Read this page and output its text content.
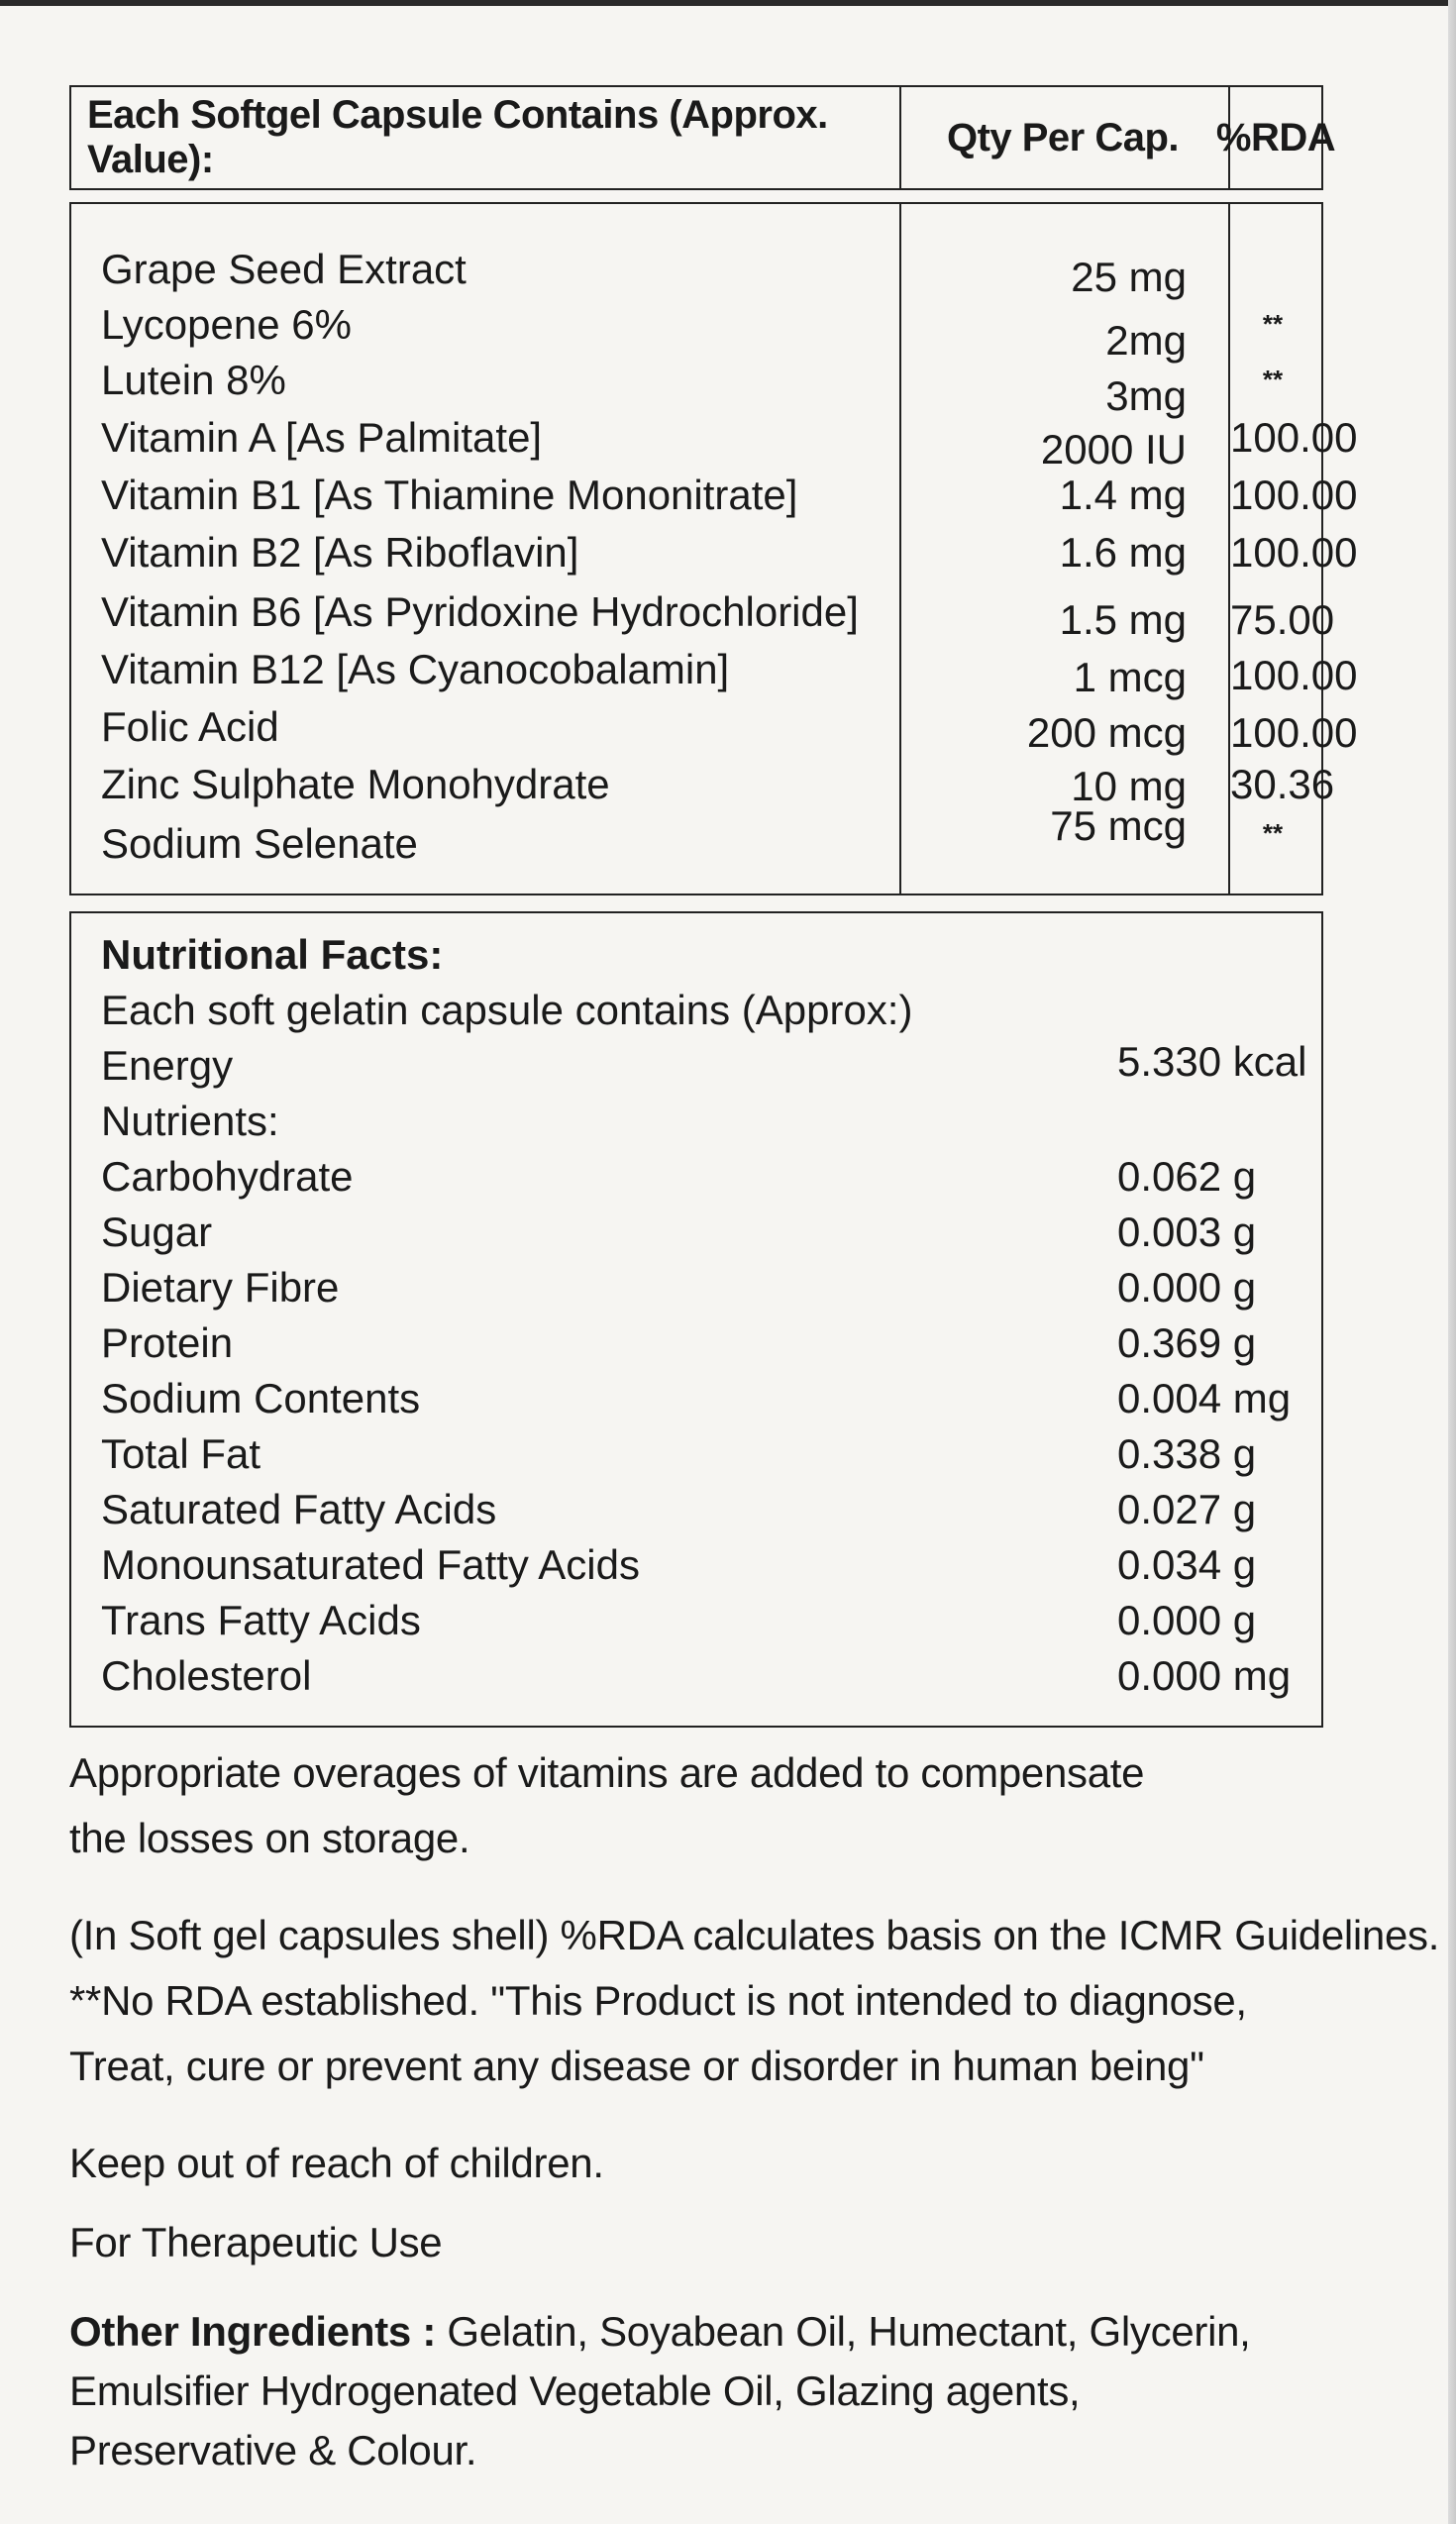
Each Softgel Capsule Contains (Approx. Value):
Qty Per Cap. %RDA
Grape Seed Extract	25 mg
Lycopene 6%	2mg	**
Lutein 8%	3mg	**
Vitamin A [As Palmitate]	2000 IU 100.00
Vitamin B1 [As Thiamine Mononitrate]	1.4 mg 100.00
Vitamin B2 [As Riboflavin]	1.6 mg 100.00
Vitamin B6 [As Pyridoxine Hydrochloride]	1.5 mg 75.00
Vitamin B12 [As Cyanocobalamin]	1 mcg 100.00
Folic Acid	200 mcg 100.00
Zinc Sulphate Monohydrate	10 mg 30.36
Sodium Selenate	75 mcg	**
Nutritional Facts:
Each soft gelatin capsule contains (Approx:)
Energy	5.330 kcal
Nutrients:
Carbohydrate	0.062 g
Sugar	0.003 g
Dietary Fibre	0.000 g
Protein	0.369 g
Sodium Contents	0.004 mg
Total Fat	0.338 g
Saturated Fatty Acids	0.027 g
Monounsaturated Fatty Acids	0.034 g
Trans Fatty Acids	0.000 g
Cholesterol	0.000 mg
Appropriate overages of vitamins are added to compensate
the losses on storage.
(In Soft gel capsules shell) %RDA calculates basis on the ICMR Guidelines.
**No RDA established. "This Product is not intended to diagnose,
Treat, cure or prevent any disease or disorder in human being"
Keep out of reach of children.
For Therapeutic Use
Other Ingredients : Gelatin, Soyabean Oil, Humectant, Glycerin,
Emulsifier Hydrogenated Vegetable Oil, Glazing agents,
Preservative & Colour.
